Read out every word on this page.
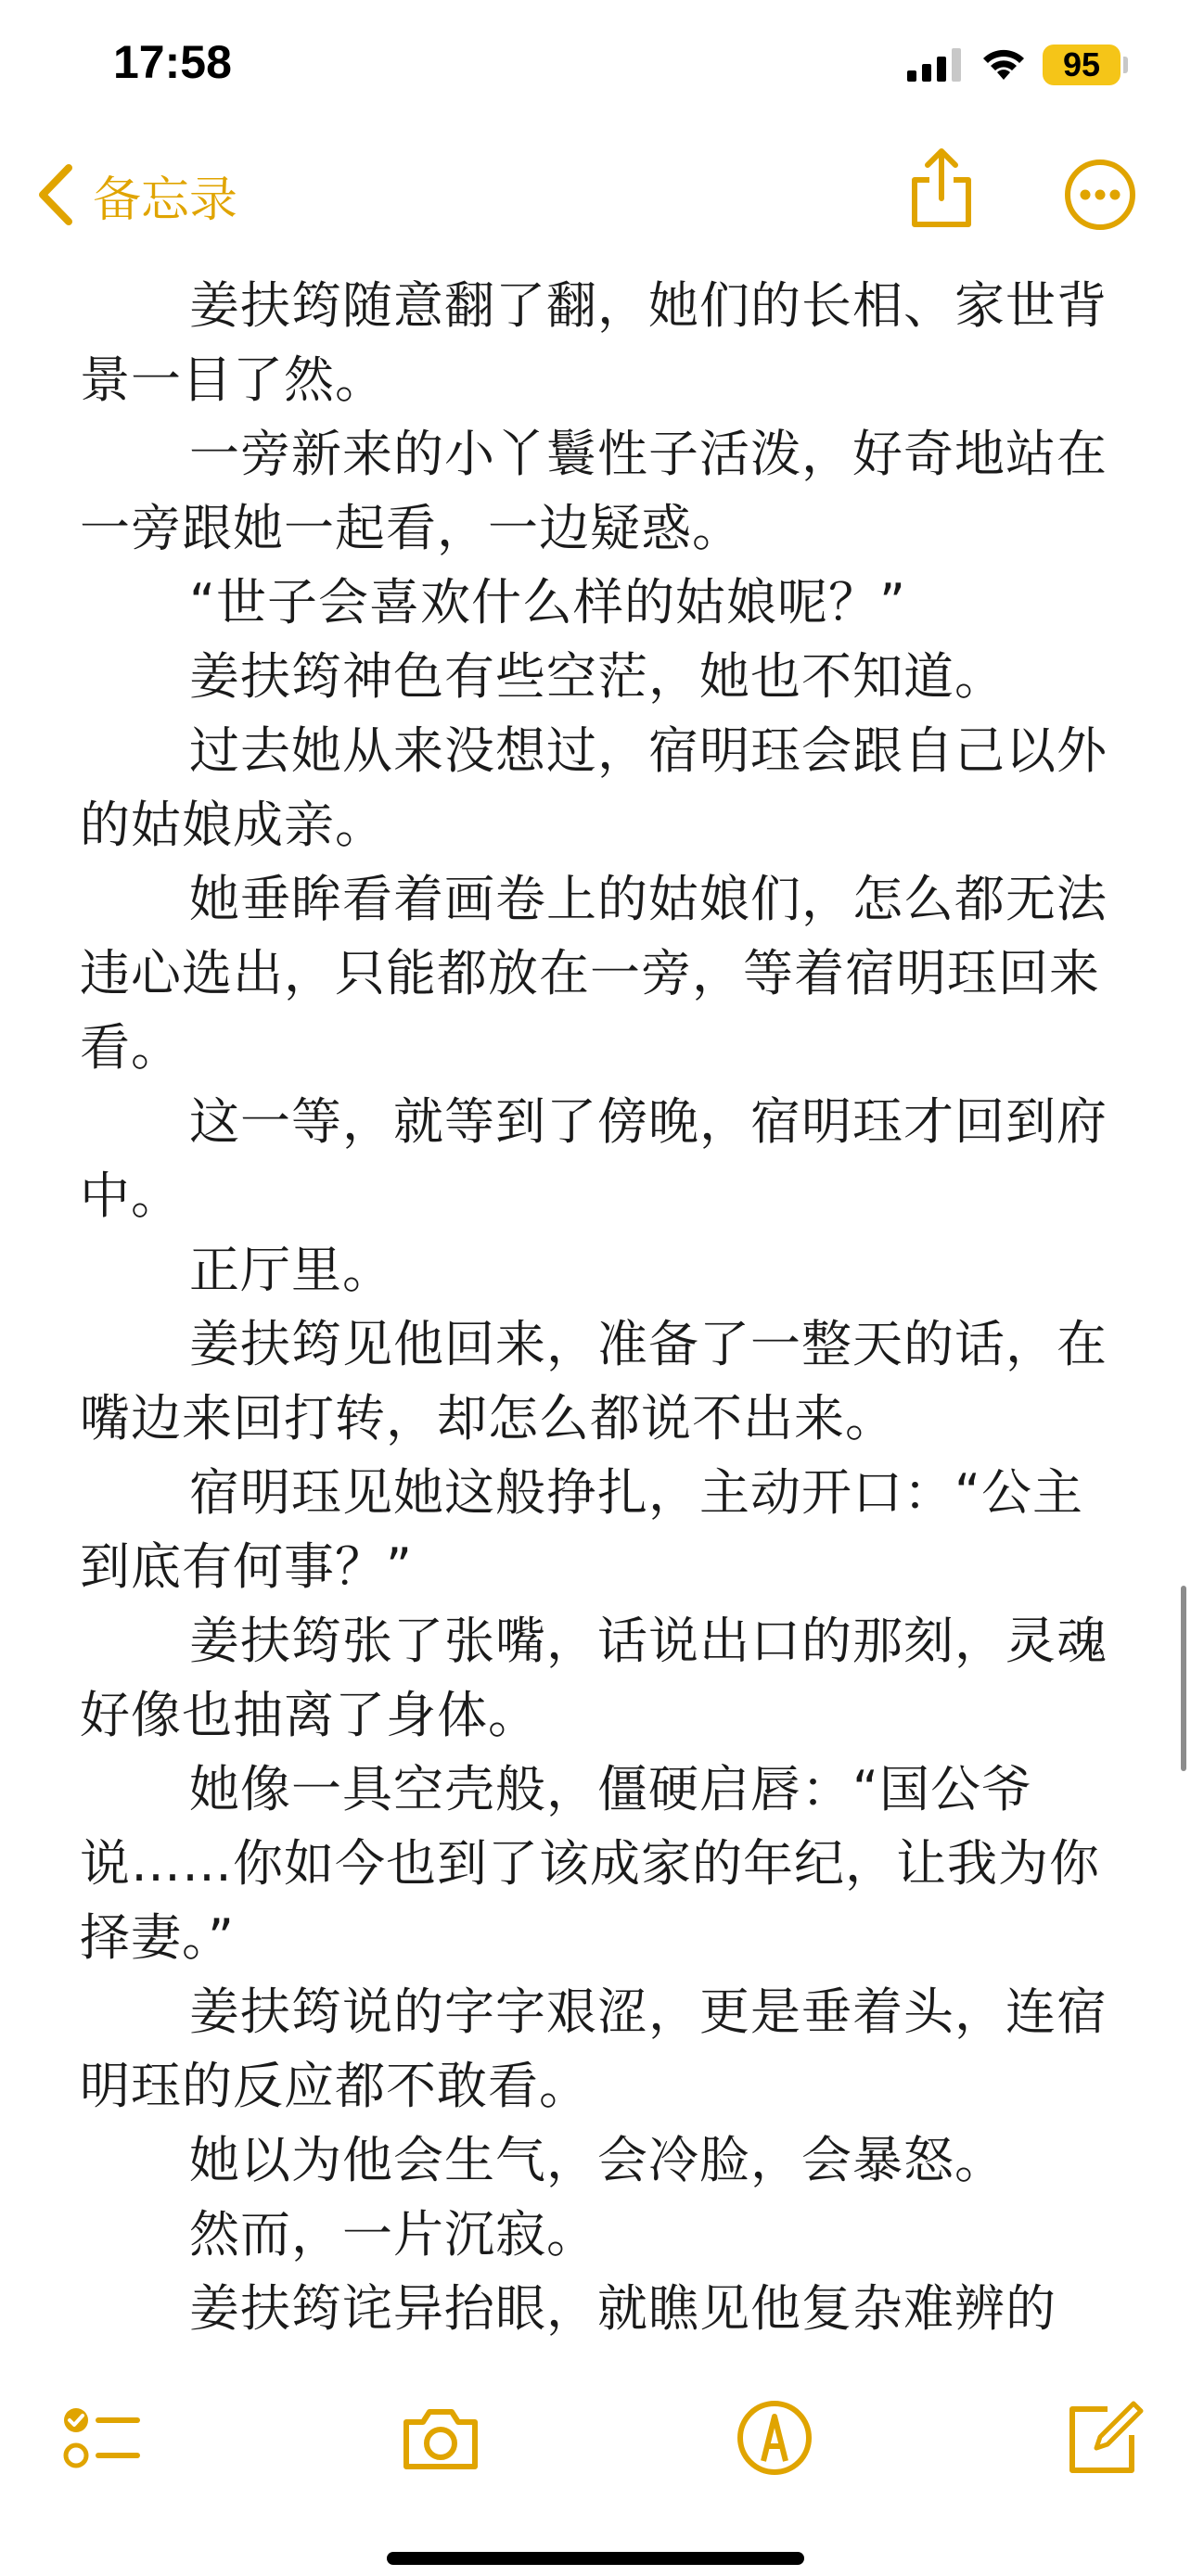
17:58	95
备忘录

姜扶筠随意翻了翻，她们的长相、家世背景一目了然。

一旁新来的小丫鬟性子活泼，好奇地站在一旁跟她一起看，一边疑惑。

“世子会喜欢什么样的姑娘呢？”

姜扶筠神色有些空茫，她也不知道。

过去她从来没想过，宿明珏会跟自己以外的姑娘成亲。

她垂眸看着画卷上的姑娘们，怎么都无法违心选出，只能都放在一旁，等着宿明珏回来看。

这一等，就等到了傍晚，宿明珏才回到府中。

正厅里。

姜扶筠见他回来，准备了一整天的话，在嘴边来回打转，却怎么都说不出来。

宿明珏见她这般挣扎，主动开口：“公主到底有何事？”

姜扶筠张了张嘴，话说出口的那刻，灵魂好像也抽离了身体。

她像一具空壳般，僵硬启唇：“国公爷说……你如今也到了该成家的年纪，让我为你择妻。”

姜扶筠说的字字艰涩，更是垂着头，连宿明珏的反应都不敢看。

她以为他会生气，会冷脸，会暴怒。

然而，一片沉寂。

姜扶筠诧异抬眼，就瞧见他复杂难辨的
